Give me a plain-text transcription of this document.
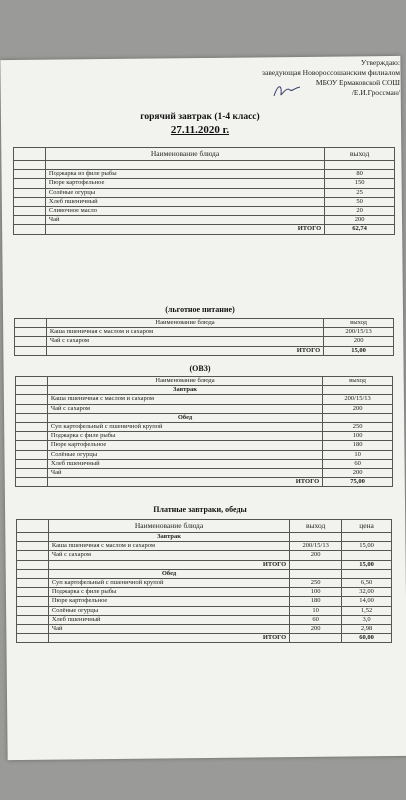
Утверждаю:
заведующая Новороссошанским филиалом
МБОУ Ермаковской СОШ
/Е.И.Гроссман/
горячий завтрак (1-4 класс)
27.11.2020 г.
	Наименование блюда	выход

	Поджарка из филе рыбы	80
	Пюре картофельное	150
	Солёные огурцы	25
	Хлеб пшеничный	50
	Сливочное масло	20
	Чай	200
	ИТОГО	62,74
(льготное питание)
	Наименование блюда	выход
	Каша пшеничная с маслом и сахаром	200/15/13
	Чай с сахаром	200
	ИТОГО	15,00
(ОВЗ)
	Наименование блюда	выход
	Завтрак	
	Каша пшеничная с маслом и сахаром	200/15/13
	Чай с сахаром	200
	Обед	
	Суп картофельный с пшеничной крупой	250
	Поджарка с филе рыбы	100
	Пюре картофельное	180
	Солёные огурцы	10
	Хлеб пшеничный	60
	Чай	200
	ИТОГО	75,00
Платные завтраки, обеды
	Наименование блюда	выход	цена
	Завтрак		
	Каша пшеничная с маслом и сахаром	200/15/13	15,00
	Чай с сахаром	200	
	ИТОГО		15,00
	Обед		
	Суп картофельный с пшеничной крупой	250	6,50
	Поджарка с филе рыбы	100	32,00
	Пюре картофельное	180	14,00
	Солёные огурцы	10	1,52
	Хлеб пшеничный	60	3,0
	Чай	200	2,98
	ИТОГО		60,00
